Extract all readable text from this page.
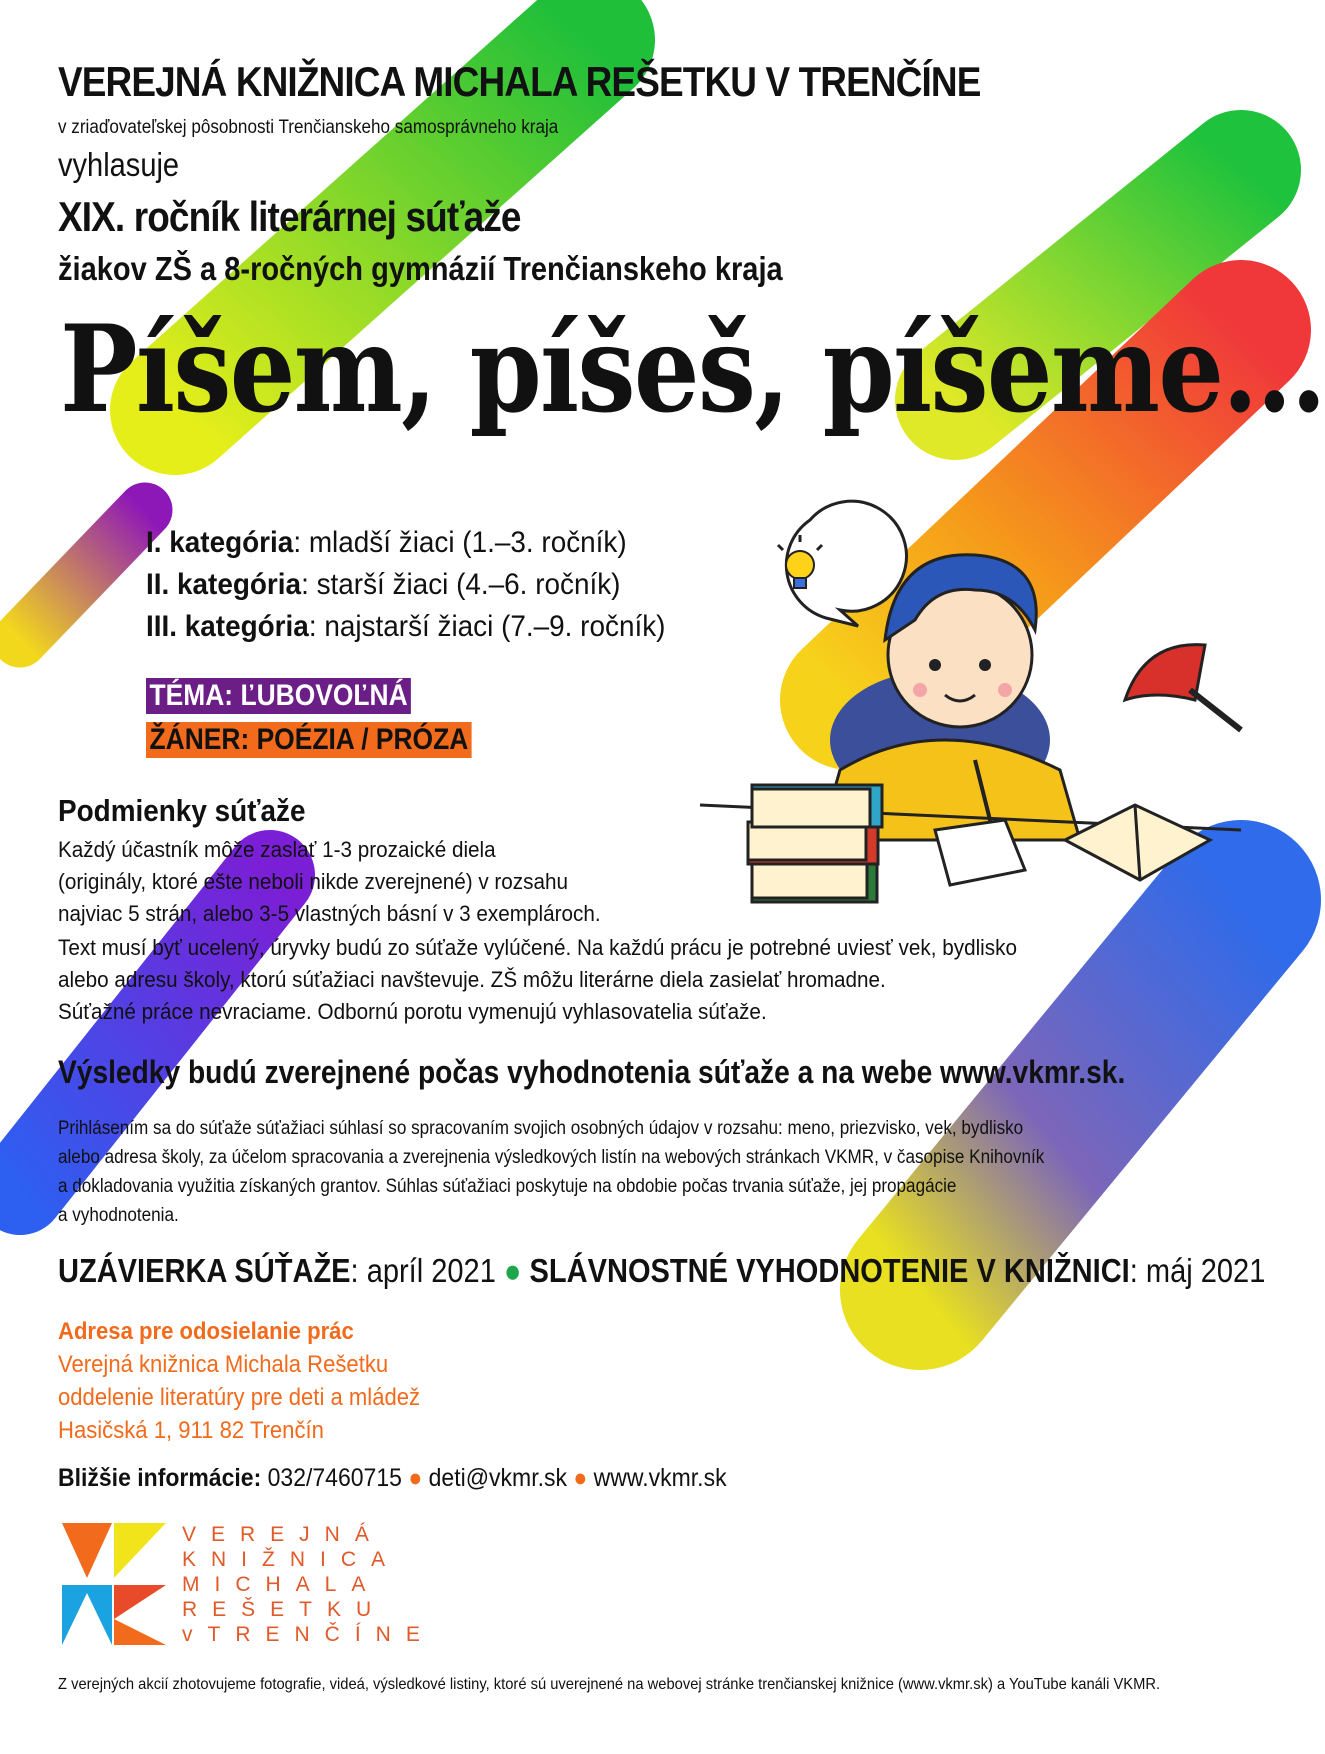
VEREJNÁ KNIŽNICA MICHALA REŠETKU V TRENČÍNE
v zriaďovateľskej pôsobnosti Trenčianskeho samosprávneho kraja
vyhlasuje
XIX. ročník literárnej súťaže
žiakov ZŠ a 8-ročných gymnázií Trenčianskeho kraja
Píšem, píšeš, píšeme...
I. kategória: mladší žiaci (1.–3. ročník)
II. kategória: starší žiaci (4.–6. ročník)
III. kategória: najstarší žiaci (7.–9. ročník)
TÉMA: ĽUBOVOĽNÁ
ŽÁNER: POÉZIA / PRÓZA
Podmienky súťaže
Každý účastník môže zaslať 1-3 prozaické diela
(originály, ktoré ešte neboli nikde zverejnené) v rozsahu
najviac 5 strán, alebo 3-5 vlastných básní v 3 exemplároch.
Text musí byť ucelený, úryvky budú zo súťaže vylúčené. Na každú prácu je potrebné uviesť vek, bydlisko
alebo adresu školy, ktorú súťažiaci navštevuje. ZŠ môžu literárne diela zasielať hromadne.
Súťažné práce nevraciame. Odbornú porotu vymenujú vyhlasovatelia súťaže.
Výsledky budú zverejnené počas vyhodnotenia súťaže a na webe www.vkmr.sk.
Prihlásením sa do súťaže súťažiaci súhlasí so spracovaním svojich osobných údajov v rozsahu: meno, priezvisko, vek, bydlisko
alebo adresa školy, za účelom spracovania a zverejnenia výsledkových listín na webových stránkach VKMR, v časopise Knihovník
a dokladovania využitia získaných grantov. Súhlas súťažiaci poskytuje na obdobie počas trvania súťaže, jej propagácie
a vyhodnotenia.
UZÁVIERKA SÚŤAŽE: apríl 2021 ● SLÁVNOSTNÉ VYHODNOTENIE V KNIŽNICI: máj 2021
Adresa pre odosielanie prác
Verejná knižnica Michala Rešetku
oddelenie literatúry pre deti a mládež
Hasičská 1, 911 82 Trenčín
Bližšie informácie: 032/7460715 ● deti@vkmr.sk ● www.vkmr.sk
VEREJNÁ
KNIŽNICA
MICHALA
REŠETKU
vTRENČÍNE
Z verejných akcií zhotovujeme fotografie, videá, výsledkové listiny, ktoré sú uverejnené na webovej stránke trenčianskej knižnice (www.vkmr.sk) a YouTube kanáli VKMR.
